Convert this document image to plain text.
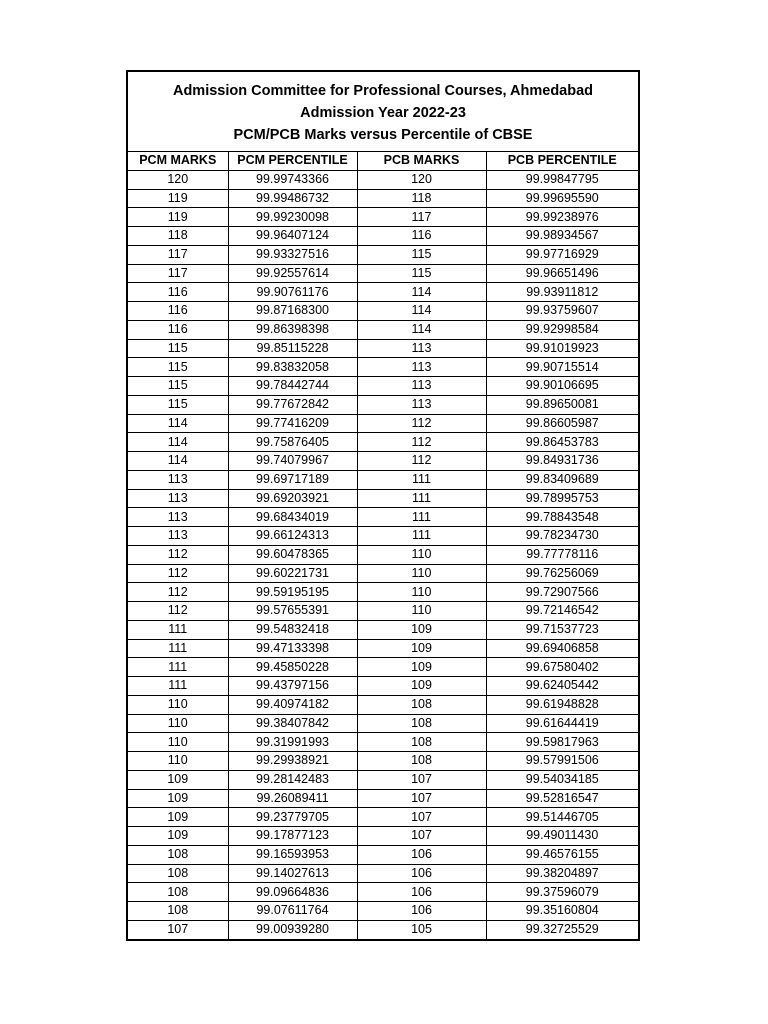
Admission Committee for Professional Courses, Ahmedabad
Admission Year 2022-23
PCM/PCB Marks versus Percentile of CBSE
PCM MARKS	PCM PERCENTILE	PCB MARKS	PCB PERCENTILE
120	99.99743366	120	99.99847795
119	99.99486732	118	99.99695590
119	99.99230098	117	99.99238976
118	99.96407124	116	99.98934567
117	99.93327516	115	99.97716929
117	99.92557614	115	99.96651496
116	99.90761176	114	99.93911812
116	99.87168300	114	99.93759607
116	99.86398398	114	99.92998584
115	99.85115228	113	99.91019923
115	99.83832058	113	99.90715514
115	99.78442744	113	99.90106695
115	99.77672842	113	99.89650081
114	99.77416209	112	99.86605987
114	99.75876405	112	99.86453783
114	99.74079967	112	99.84931736
113	99.69717189	111	99.83409689
113	99.69203921	111	99.78995753
113	99.68434019	111	99.78843548
113	99.66124313	111	99.78234730
112	99.60478365	110	99.77778116
112	99.60221731	110	99.76256069
112	99.59195195	110	99.72907566
112	99.57655391	110	99.72146542
111	99.54832418	109	99.71537723
111	99.47133398	109	99.69406858
111	99.45850228	109	99.67580402
111	99.43797156	109	99.62405442
110	99.40974182	108	99.61948828
110	99.38407842	108	99.61644419
110	99.31991993	108	99.59817963
110	99.29938921	108	99.57991506
109	99.28142483	107	99.54034185
109	99.26089411	107	99.52816547
109	99.23779705	107	99.51446705
109	99.17877123	107	99.49011430
108	99.16593953	106	99.46576155
108	99.14027613	106	99.38204897
108	99.09664836	106	99.37596079
108	99.07611764	106	99.35160804
107	99.00939280	105	99.32725529
